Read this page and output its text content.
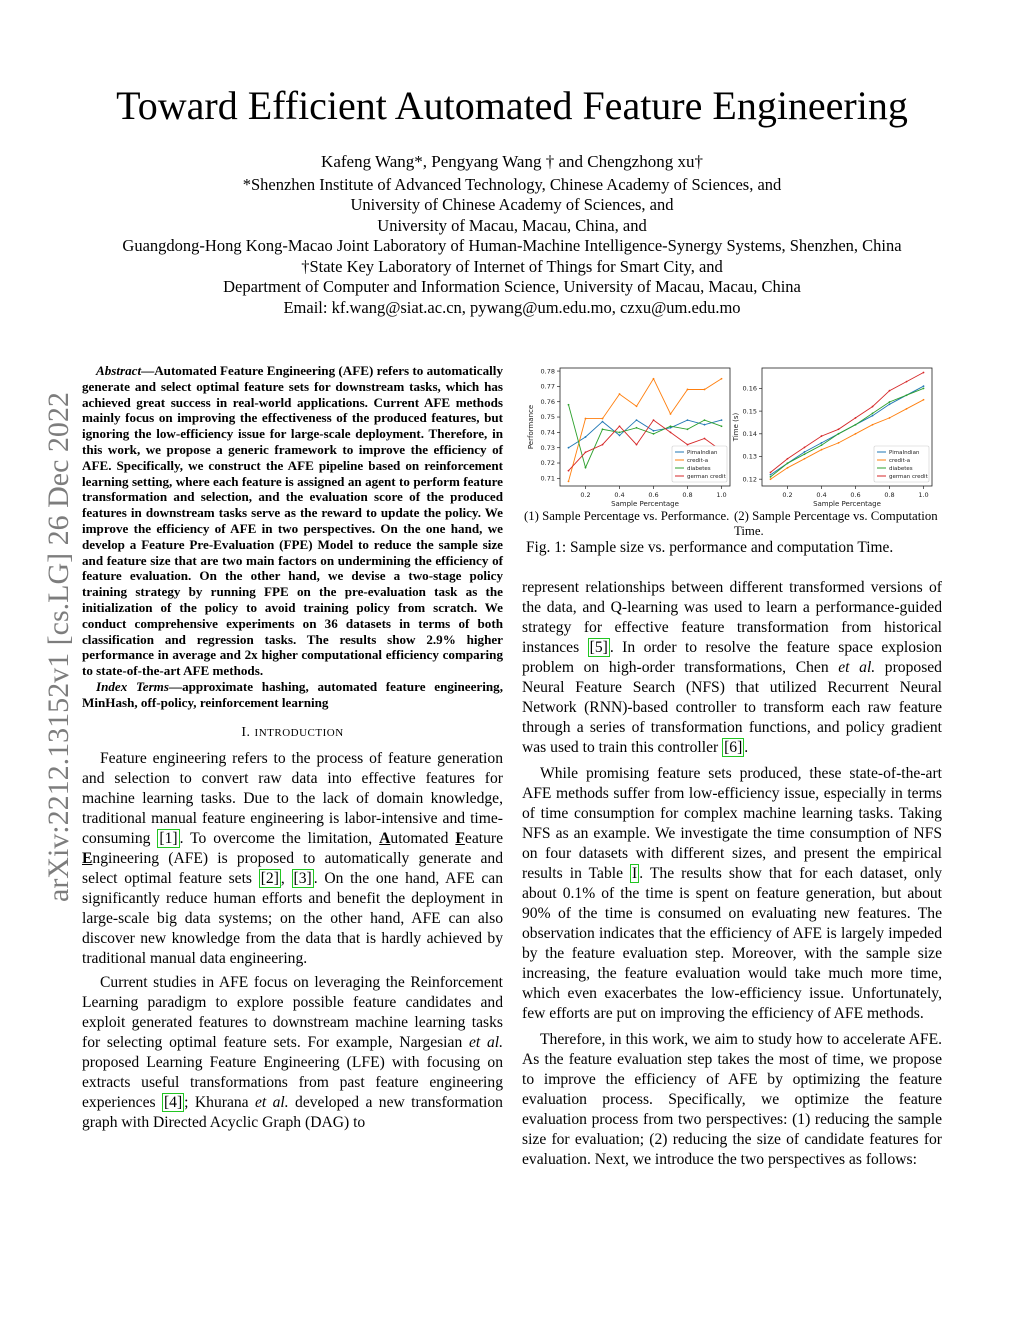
Toward Efficient Automated Feature Engineering
Kafeng Wang*, Pengyang Wang † and Chengzhong xu†
*Shenzhen Institute of Advanced Technology, Chinese Academy of Sciences, and
University of Chinese Academy of Sciences, and
University of Macau, Macau, China, and
Guangdong-Hong Kong-Macao Joint Laboratory of Human-Machine Intelligence-Synergy Systems, Shenzhen, China
†State Key Laboratory of Internet of Things for Smart City, and
Department of Computer and Information Science, University of Macau, Macau, China
Email: kf.wang@siat.ac.cn, pywang@um.edu.mo, czxu@um.edu.mo
arXiv:2212.13152v1 [cs.LG] 26 Dec 2022

Abstract—Automated Feature Engineering (AFE) refers to automatically generate and select optimal feature sets for downstream tasks, which has achieved great success in real-world applications. Current AFE methods mainly focus on improving the effectiveness of the produced features, but ignoring the low-efficiency issue for large-scale deployment. Therefore, in this work, we propose a generic framework to improve the efficiency of AFE. Specifically, we construct the AFE pipeline based on reinforcement learning setting, where each feature is assigned an agent to perform feature transformation and selection, and the evaluation score of the produced features in downstream tasks serve as the reward to update the policy. We improve the efficiency of AFE in two perspectives. On the one hand, we develop a Feature Pre-Evaluation (FPE) Model to reduce the sample size and feature size that are two main factors on undermining the efficiency of feature evaluation. On the other hand, we devise a two-stage policy training strategy by running FPE on the pre-evaluation task as the initialization of the policy to avoid training policy from scratch. We conduct comprehensive experiments on 36 datasets in terms of both classification and regression tasks. The results show 2.9% higher performance in average and 2x higher computational efficiency comparing to state-of-the-art AFE methods.

Index Terms—approximate hashing, automated feature engineering, MinHash, off-policy, reinforcement learning

I. INTRODUCTION

Feature engineering refers to the process of feature generation and selection to convert raw data into effective features for machine learning tasks. Due to the lack of domain knowledge, traditional manual feature engineering is labor-intensive and time-consuming [1] . To overcome the limitation, Automated Feature Engineering (AFE) is proposed to automatically generate and select optimal feature sets [2] , [3] . On the one hand, AFE can significantly reduce human efforts and benefit the deployment in large-scale big data systems; on the other hand, AFE can also discover new knowledge from the data that is hardly achieved by traditional manual data engineering.

Current studies in AFE focus on leveraging the Reinforcement Learning paradigm to explore possible feature candidates and exploit generated features to downstream machine learning tasks for selecting optimal feature sets. For example, Nargesian et al. proposed Learning Feature Engineering (LFE) with focusing on extracts useful transformations from past feature engineering experiences [4] ; Khurana et al. developed a new transformation graph with Directed Acyclic Graph (DAG) to

0.2	0.4	0.6	0.8	1.0
0.71
0.72
0.73
0.74
0.75
0.76
0.77
0.78
Sample Percentage
Performance
PimaIndian
credit-a
diabetes
german credit
0.2	0.4	0.6	0.8	1.0
0.12
0.13
0.14
0.15
0.16
Sample Percentage
Time (s)
PimaIndian
credit-a
diabetes
german credit
(1) Sample Percentage vs. Performance. (2) Sample Percentage vs. Computation Time.
Fig. 1: Sample size vs. performance and computation Time.

represent relationships between different transformed versions of the data, and Q-learning was used to learn a performance-guided strategy for effective feature transformation from historical instances [5] . In order to resolve the feature space explosion problem on high-order transformations, Chen et al. proposed Neural Feature Search (NFS) that utilized Recurrent Neural Network (RNN)-based controller to transform each raw feature through a series of transformation functions, and policy gradient was used to train this controller [6] .

While promising feature sets produced, these state-of-the-art AFE methods suffer from low-efficiency issue, especially in terms of time consumption for complex machine learning tasks. Taking NFS as an example. We investigate the time consumption of NFS on four datasets with different sizes, and present the empirical results in Table I . The results show that for each dataset, only about 0.1% of the time is spent on feature generation, but about 90% of the time is consumed on evaluating new features. The observation indicates that the efficiency of AFE is largely impeded by the feature evaluation step. Moreover, with the sample size increasing, the feature evaluation would take much more time, which even exacerbates the low-efficiency issue. Unfortunately, few efforts are put on improving the efficiency of AFE methods.

Therefore, in this work, we aim to study how to accelerate AFE. As the feature evaluation step takes the most of time, we propose to improve the efficiency of AFE by optimizing the feature evaluation process. Specifically, we optimize the feature evaluation process from two perspectives: (1) reducing the sample size for evaluation; (2) reducing the size of candidate features for evaluation. Next, we introduce the two perspectives as follows:
